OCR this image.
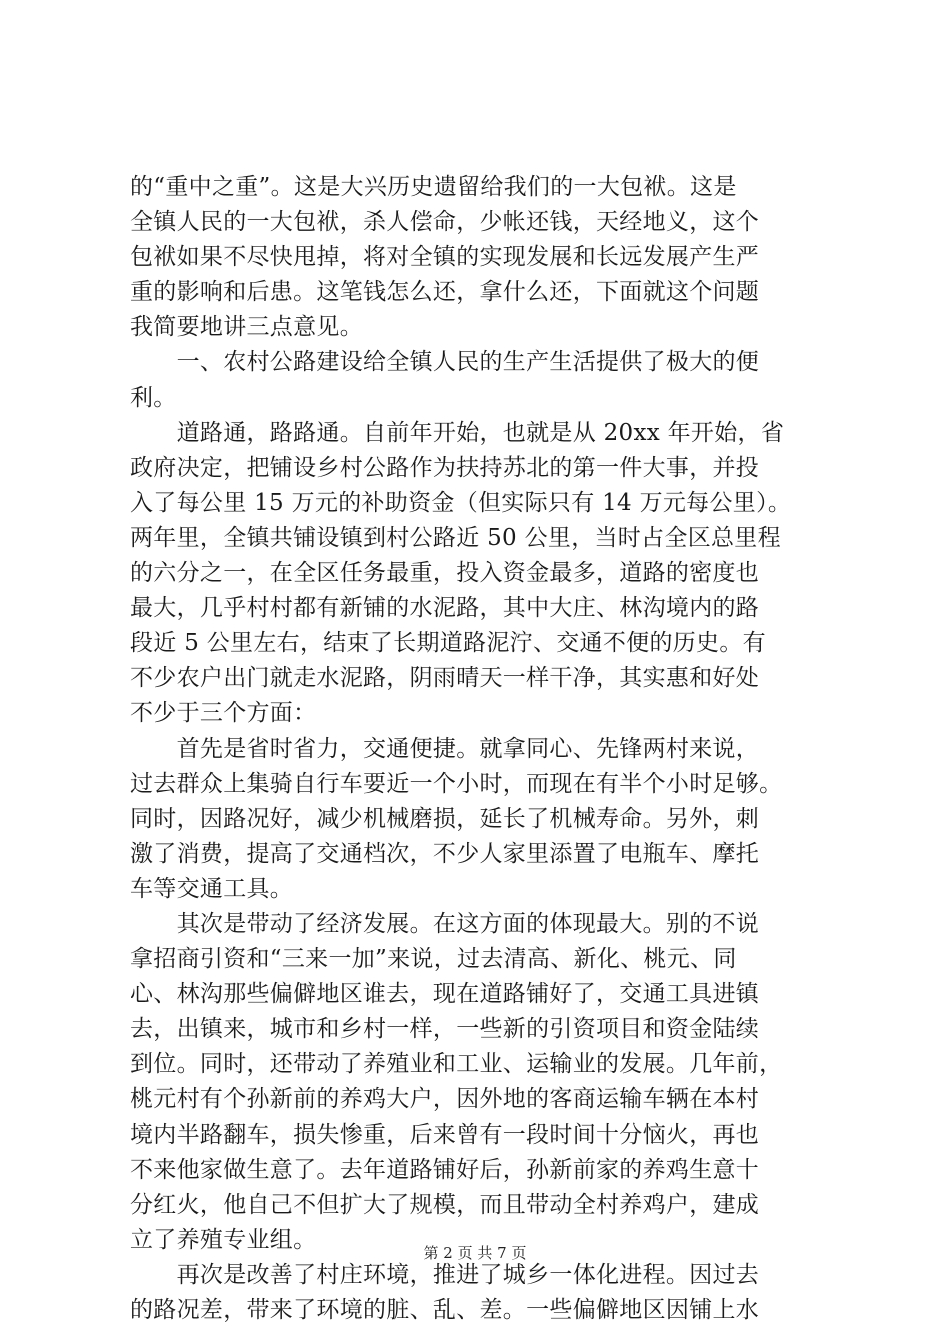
的“重中之重”。这是大兴历史遗留给我们的一大包袱。这是
全镇人民的一大包袱，杀人偿命，少帐还钱，天经地义，这个
包袱如果不尽快甩掉，将对全镇的实现发展和长远发展产生严
重的影响和后患。这笔钱怎么还，拿什么还，下面就这个问题
我简要地讲三点意见。
　　一、农村公路建设给全镇人民的生产生活提供了极大的便
利。
　　道路通，路路通。自前年开始，也就是从 20xx 年开始，省
政府决定，把铺设乡村公路作为扶持苏北的第一件大事，并投
入了每公里 15 万元的补助资金（但实际只有 14 万元每公里）。
两年里，全镇共铺设镇到村公路近 50 公里，当时占全区总里程
的六分之一，在全区任务最重，投入资金最多，道路的密度也
最大，几乎村村都有新铺的水泥路，其中大庄、林沟境内的路
段近 5 公里左右，结束了长期道路泥泞、交通不便的历史。有
不少农户出门就走水泥路，阴雨晴天一样干净，其实惠和好处
不少于三个方面：
　　首先是省时省力，交通便捷。就拿同心、先锋两村来说，
过去群众上集骑自行车要近一个小时，而现在有半个小时足够。
同时，因路况好，减少机械磨损，延长了机械寿命。另外，刺
激了消费，提高了交通档次，不少人家里添置了电瓶车、摩托
车等交通工具。
　　其次是带动了经济发展。在这方面的体现最大。别的不说
拿招商引资和“三来一加”来说，过去清高、新化、桃元、同
心、林沟那些偏僻地区谁去，现在道路铺好了，交通工具进镇
去，出镇来，城市和乡村一样，一些新的引资项目和资金陆续
到位。同时，还带动了养殖业和工业、运输业的发展。几年前，
桃元村有个孙新前的养鸡大户，因外地的客商运输车辆在本村
境内半路翻车，损失惨重，后来曾有一段时间十分恼火，再也
不来他家做生意了。去年道路铺好后，孙新前家的养鸡生意十
分红火，他自己不但扩大了规模，而且带动全村养鸡户，建成
立了养殖专业组。
　　再次是改善了村庄环境，推进了城乡一体化进程。因过去
的路况差，带来了环境的脏、乱、差。一些偏僻地区因铺上水
第 2 页 共 7 页
